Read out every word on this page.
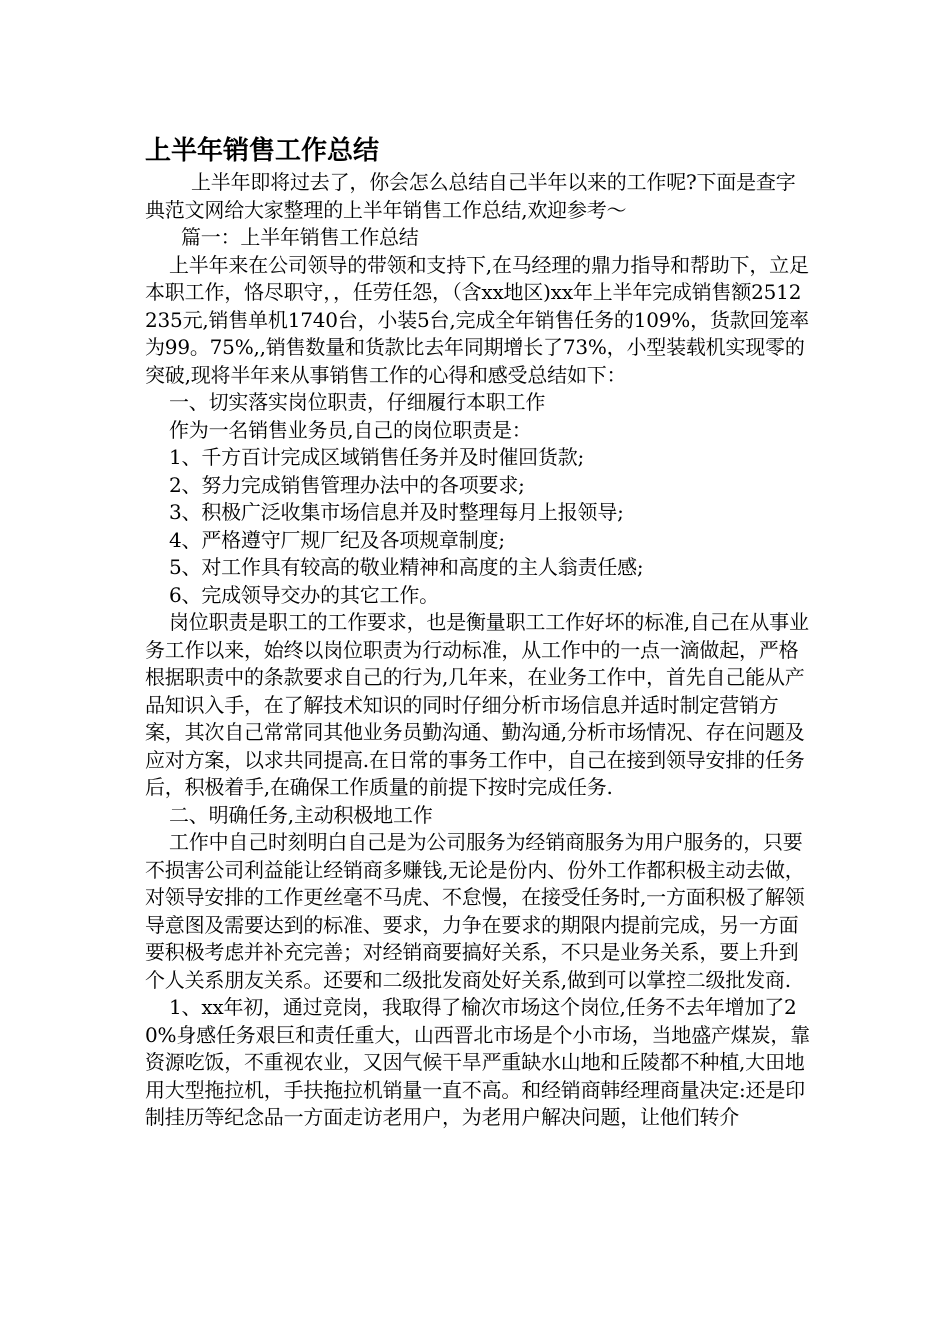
上半年销售工作总结

上半年即将过去了，你会怎么总结自己半年以来的工作呢?下面是查字典范文网给大家整理的上半年销售工作总结,欢迎参考～

篇一：上半年销售工作总结

上半年来在公司领导的带领和支持下,在马经理的鼎力指导和帮助下，立足本职工作，恪尽职守，，任劳任怨，（含xx地区)xx年上半年完成销售额2512235元,销售单机1740台，小装5台,完成全年销售任务的109%，货款回笼率为99。75%,,销售数量和货款比去年同期增长了73%，小型装载机实现零的突破,现将半年来从事销售工作的心得和感受总结如下：

一、切实落实岗位职责，仔细履行本职工作

作为一名销售业务员,自己的岗位职责是：

1、千方百计完成区域销售任务并及时催回货款;

2、努力完成销售管理办法中的各项要求;

3、积极广泛收集市场信息并及时整理每月上报领导;

4、严格遵守厂规厂纪及各项规章制度;

5、对工作具有较高的敬业精神和高度的主人翁责任感;

6、完成领导交办的其它工作。

岗位职责是职工的工作要求，也是衡量职工工作好坏的标准,自己在从事业务工作以来，始终以岗位职责为行动标准，从工作中的一点一滴做起，严格根据职责中的条款要求自己的行为,几年来，在业务工作中，首先自己能从产品知识入手，在了解技术知识的同时仔细分析市场信息并适时制定营销方案，其次自己常常同其他业务员勤沟通、勤沟通,分析市场情况、存在问题及应对方案，以求共同提高.在日常的事务工作中，自己在接到领导安排的任务后，积极着手,在确保工作质量的前提下按时完成任务.

二、明确任务,主动积极地工作

工作中自己时刻明白自己是为公司服务为经销商服务为用户服务的，只要不损害公司利益能让经销商多赚钱,无论是份内、份外工作都积极主动去做，对领导安排的工作更丝毫不马虎、不怠慢，在接受任务时,一方面积极了解领导意图及需要达到的标准、要求，力争在要求的期限内提前完成，另一方面要积极考虑并补充完善；对经销商要搞好关系，不只是业务关系，要上升到个人关系朋友关系。还要和二级批发商处好关系,做到可以掌控二级批发商.

1、xx年初，通过竞岗，我取得了榆次市场这个岗位,任务不去年增加了20%身感任务艰巨和责任重大，山西晋北市场是个小市场，当地盛产煤炭，靠资源吃饭，不重视农业，又因气候干旱严重缺水山地和丘陵都不种植,大田地用大型拖拉机，手扶拖拉机销量一直不高。和经销商韩经理商量决定:还是印制挂历等纪念品一方面走访老用户，为老用户解决问题，让他们转介
